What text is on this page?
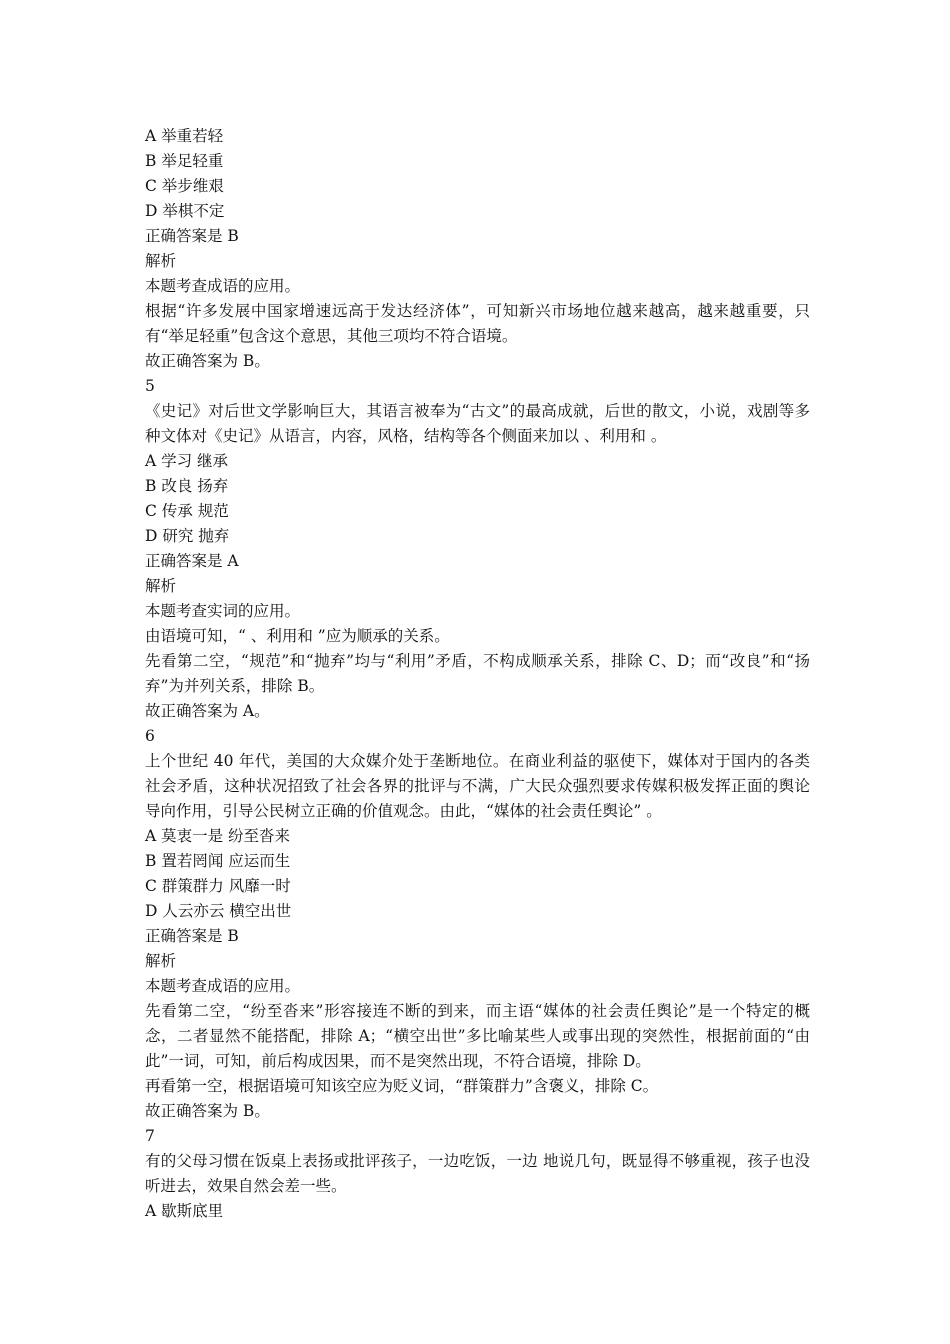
A 举重若轻

B 举足轻重

C 举步维艰

D 举棋不定

正确答案是 B

解析

本题考查成语的应用。

根据“许多发展中国家增速远高于发达经济体”，可知新兴市场地位越来越高，越来越重要，只有“举足轻重”包含这个意思，其他三项均不符合语境。

故正确答案为 B。

5

《史记》对后世文学影响巨大，其语言被奉为“古文”的最高成就，后世的散文，小说，戏剧等多种文体对《史记》从语言，内容，风格，结构等各个侧面来加以 、利用和 。

A 学习 继承

B 改良 扬弃

C 传承 规范

D 研究 抛弃

正确答案是 A

解析

本题考查实词的应用。

由语境可知，“ 、利用和 ”应为顺承的关系。

先看第二空，“规范”和“抛弃”均与“利用”矛盾，不构成顺承关系，排除 C、D；而“改良”和“扬弃”为并列关系，排除 B。

故正确答案为 A。

6

上个世纪 40 年代，美国的大众媒介处于垄断地位。在商业利益的驱使下，媒体对于国内的各类社会矛盾，这种状况招致了社会各界的批评与不满，广大民众强烈要求传媒积极发挥正面的舆论导向作用，引导公民树立正确的价值观念。由此，“媒体的社会责任舆论” 。

A 莫衷一是 纷至沓来

B 置若罔闻 应运而生

C 群策群力 风靡一时

D 人云亦云 横空出世

正确答案是 B

解析

本题考查成语的应用。

先看第二空，“纷至沓来”形容接连不断的到来，而主语“媒体的社会责任舆论”是一个特定的概念，二者显然不能搭配，排除 A；“横空出世”多比喻某些人或事出现的突然性，根据前面的“由此”一词，可知，前后构成因果，而不是突然出现，不符合语境，排除 D。

再看第一空，根据语境可知该空应为贬义词，“群策群力”含褒义，排除 C。

故正确答案为 B。

7

有的父母习惯在饭桌上表扬或批评孩子，一边吃饭，一边 地说几句，既显得不够重视，孩子也没听进去，效果自然会差一些。

A 歇斯底里
